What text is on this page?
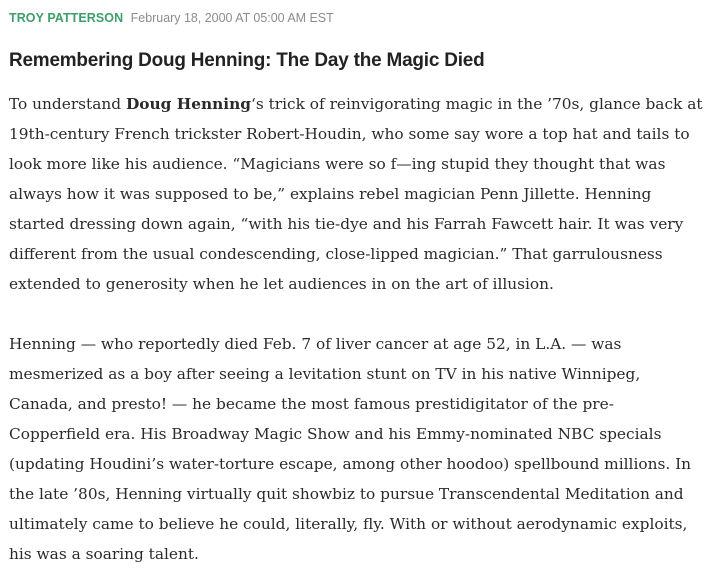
TROY PATTERSON February 18, 2000 AT 05:00 AM EST
Remembering Doug Henning: The Day the Magic Died

To understand Doug Henning‘s trick of reinvigorating magic in the ’70s, glance back at
19th-century French trickster Robert-Houdin, who some say wore a top hat and tails to
look more like his audience. “Magicians were so f—ing stupid they thought that was
always how it was supposed to be,” explains rebel magician Penn Jillette. Henning
started dressing down again, “with his tie-dye and his Farrah Fawcett hair. It was very
different from the usual condescending, close-lipped magician.” That garrulousness
extended to generosity when he let audiences in on the art of illusion.

Henning — who reportedly died Feb. 7 of liver cancer at age 52, in L.A. — was
mesmerized as a boy after seeing a levitation stunt on TV in his native Winnipeg,
Canada, and presto! — he became the most famous prestidigitator of the pre-
Copperfield era. His Broadway Magic Show and his Emmy-nominated NBC specials
(updating Houdini’s water-torture escape, among other hoodoo) spellbound millions. In
the late ’80s, Henning virtually quit showbiz to pursue Transcendental Meditation and
ultimately came to believe he could, literally, fly. With or without aerodynamic exploits,
his was a soaring talent.
